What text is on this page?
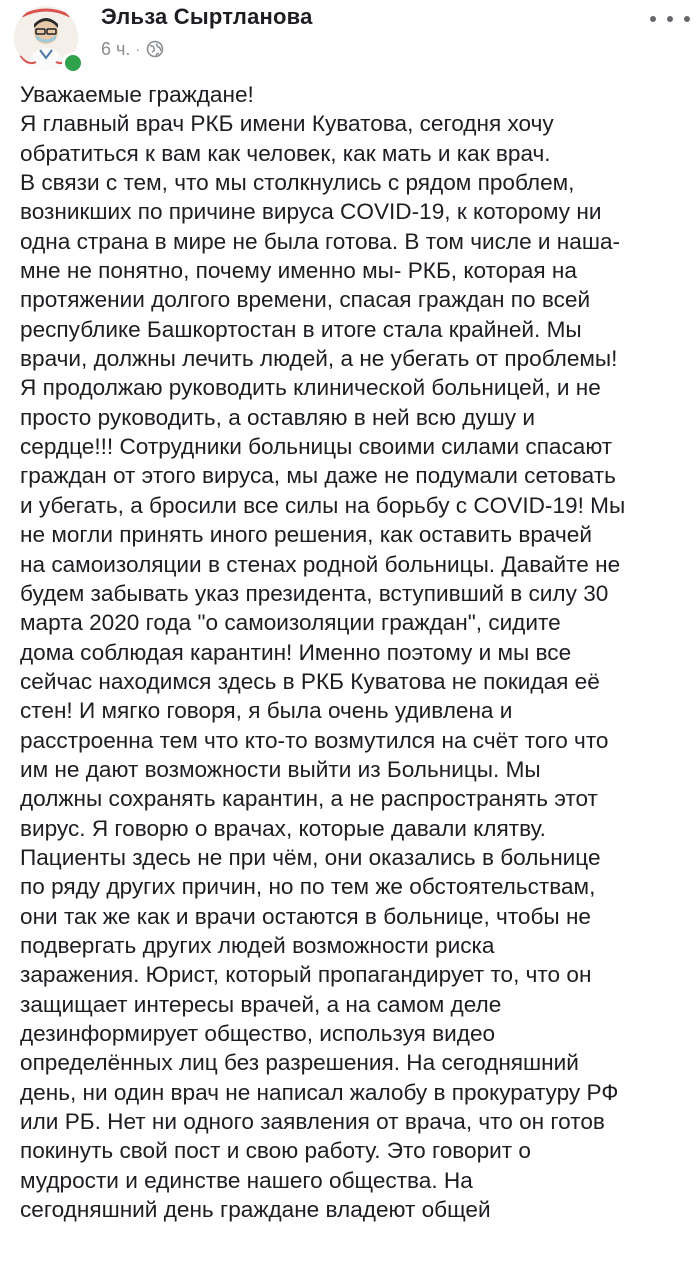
Эльза Сыртланова
6 ч. ·
Уважаемые граждане!
Я главный врач РКБ имени Куватова, сегодня хочу
обратиться к вам как человек, как мать и как врач.
В связи с тем, что мы столкнулись с рядом проблем,
возникших по причине вируса COVID-19, к которому ни
одна страна в мире не была готова. В том числе и наша-
мне не понятно, почему именно мы- РКБ, которая на
протяжении долгого времени, спасая граждан по всей
республике Башкортостан в итоге стала крайней. Мы
врачи, должны лечить людей, а не убегать от проблемы!
Я продолжаю руководить клинической больницей, и не
просто руководить, а оставляю в ней всю душу и
сердце!!! Сотрудники больницы своими силами спасают
граждан от этого вируса, мы даже не подумали сетовать
и убегать, а бросили все силы на борьбу с COVID-19! Мы
не могли принять иного решения, как оставить врачей
на самоизоляции в стенах родной больницы. Давайте не
будем забывать указ президента, вступивший в силу 30
марта 2020 года "о самоизоляции граждан", сидите
дома соблюдая карантин! Именно поэтому и мы все
сейчас находимся здесь в РКБ Куватова не покидая её
стен! И мягко говоря, я была очень удивлена и
расстроенна тем что кто-то возмутился на счёт того что
им не дают возможности выйти из Больницы. Мы
должны сохранять карантин, а не распространять этот
вирус. Я говорю о врачах, которые давали клятву.
Пациенты здесь не при чём, они оказались в больнице
по ряду других причин, но по тем же обстоятельствам,
они так же как и врачи остаются в больнице, чтобы не
подвергать других людей возможности риска
заражения. Юрист, который пропагандирует то, что он
защищает интересы врачей, а на самом деле
дезинформирует общество, используя видео
определённых лиц без разрешения. На сегодняшний
день, ни один врач не написал жалобу в прокуратуру РФ
или РБ. Нет ни одного заявления от врача, что он готов
покинуть свой пост и свою работу. Это говорит о
мудрости и единстве нашего общества. На
сегодняшний день граждане владеют общей
